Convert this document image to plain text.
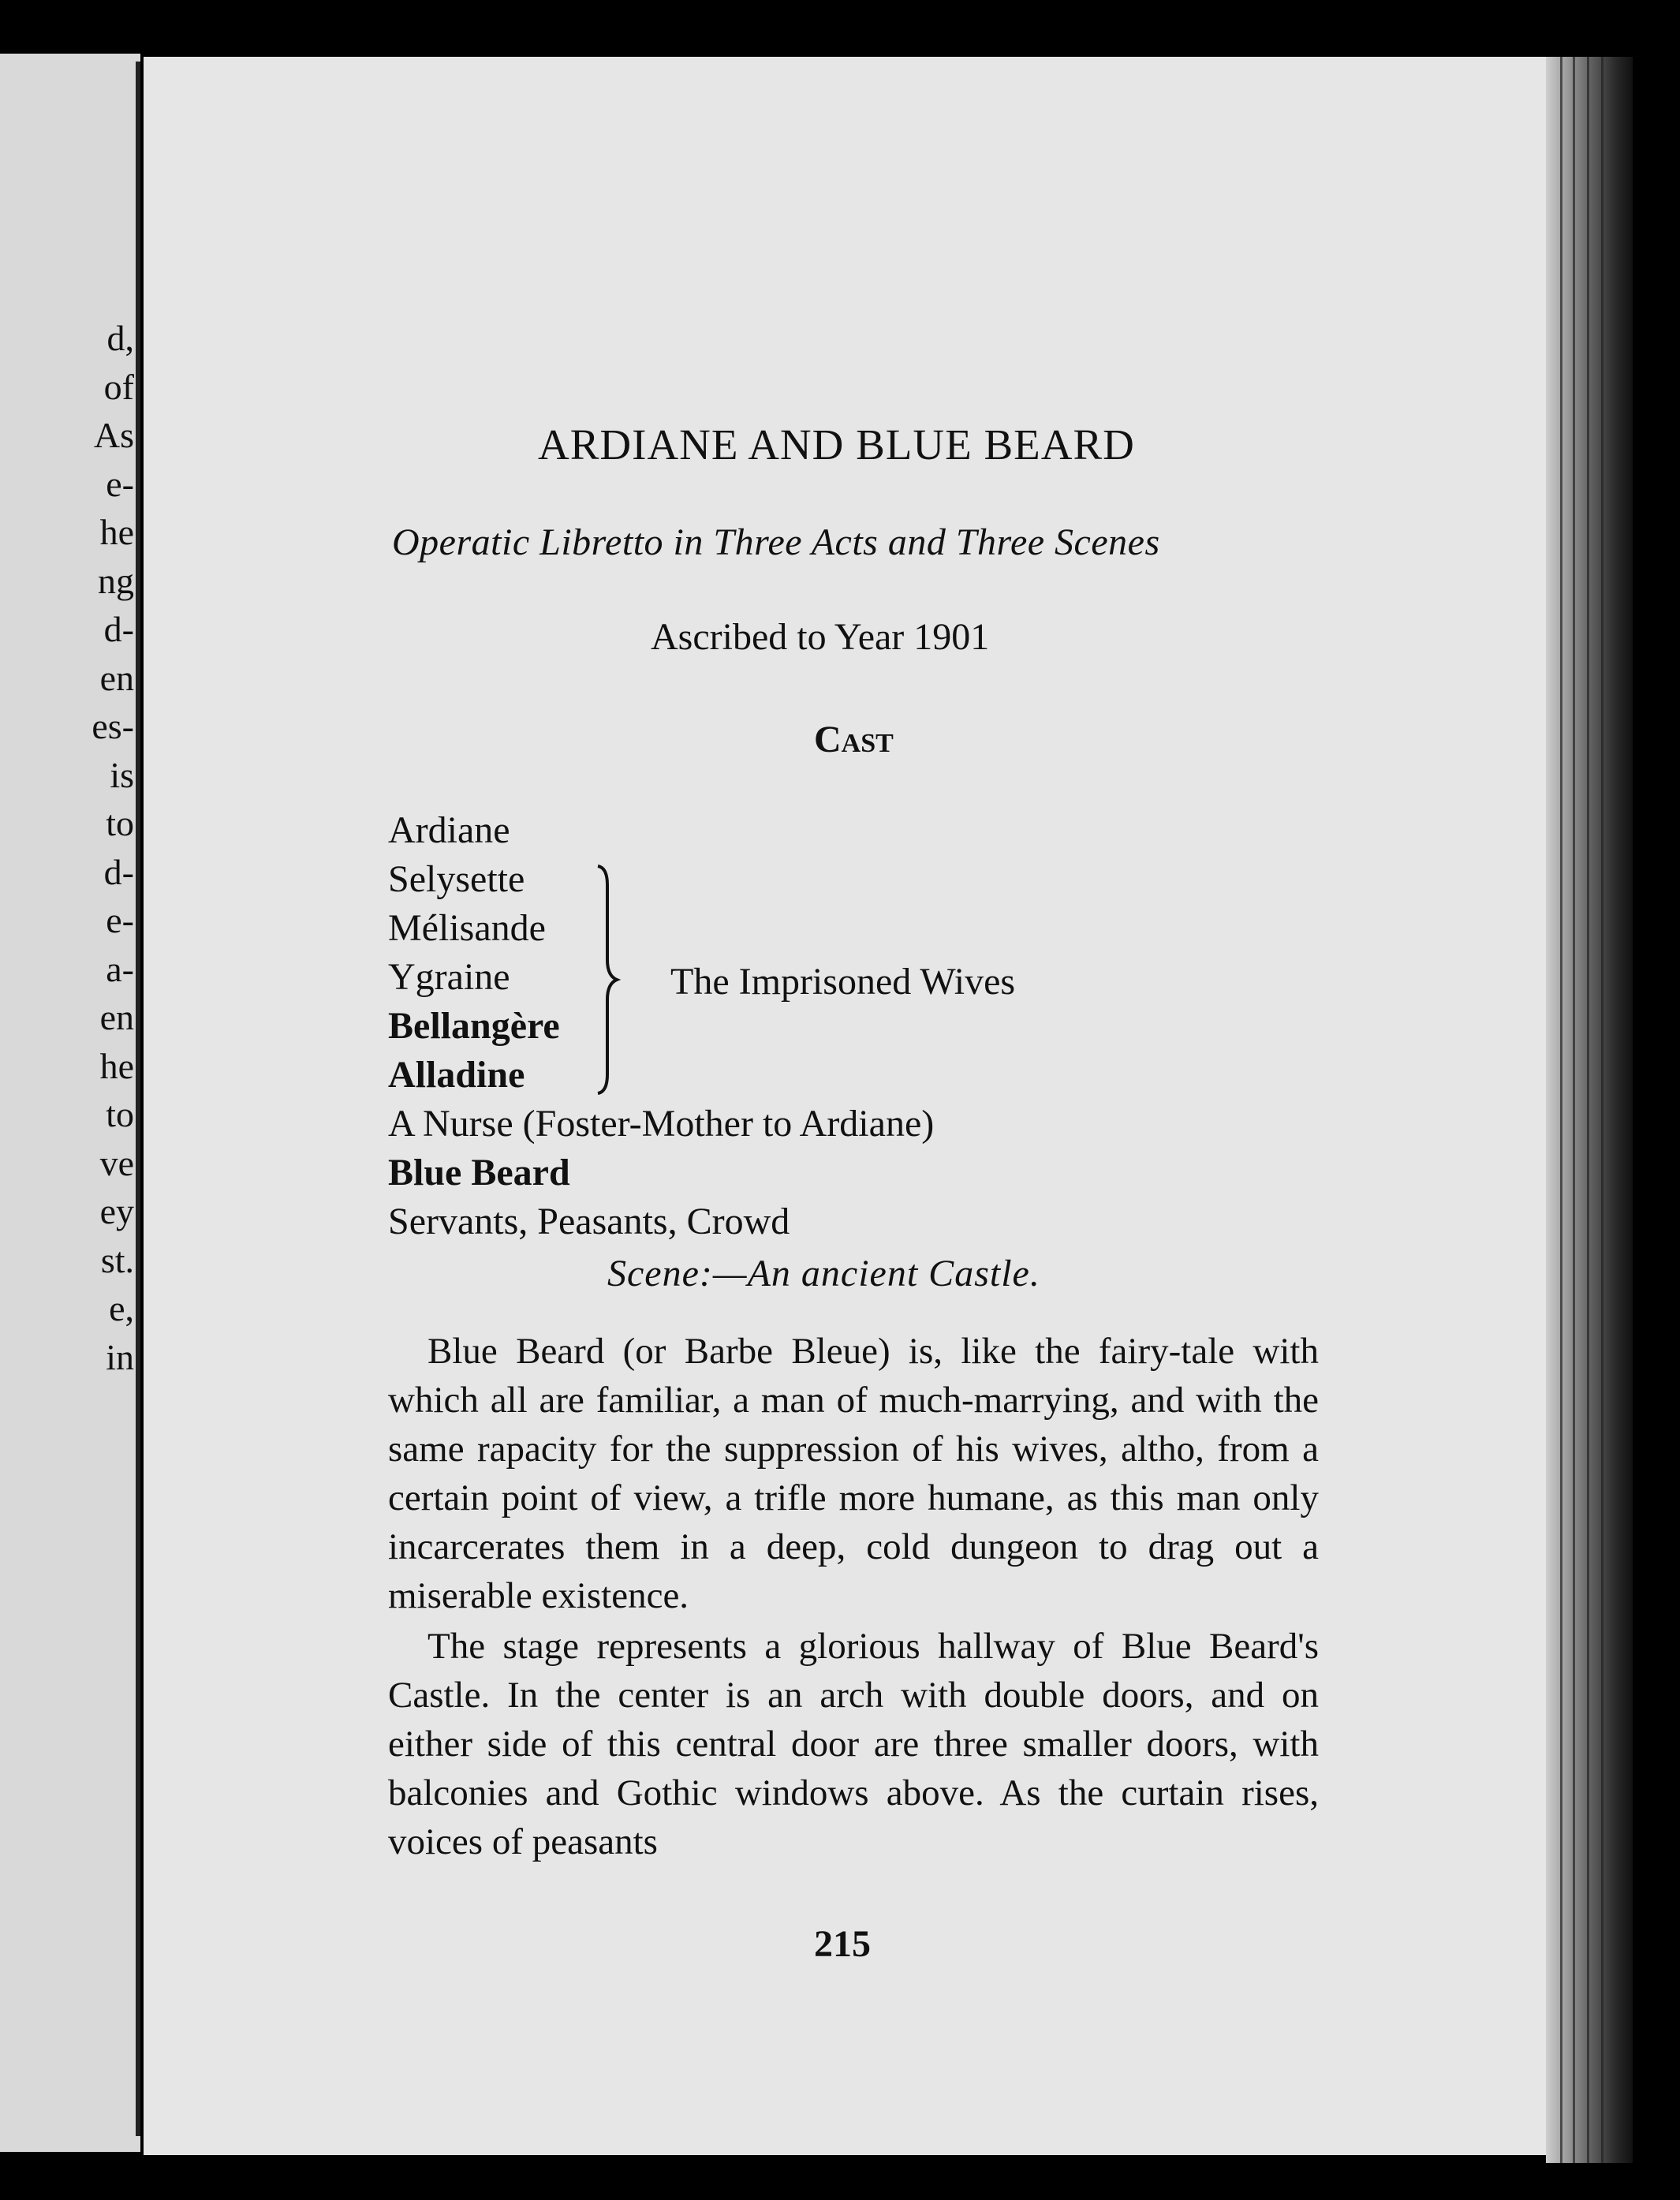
d,
of
As
e-
he
ng
d-
en
es-
is
to
d-
e-
a-
en
he
to
ve
ey
st.
e,
in
ARDIANE AND BLUE BEARD
Operatic Libretto in Three Acts and Three Scenes
Ascribed to Year 1901
Cast
Ardiane
Selysette
Mélisande
Ygraine
Bellangère
Alladine
A Nurse (Foster-Mother to Ardiane)
Blue Beard
Servants, Peasants, Crowd
The Imprisoned Wives
Scene:—An ancient Castle.

Blue Beard (or Barbe Bleue) is, like the fairy-tale with which all are familiar, a man of much-marrying, and with the same rapacity for the suppression of his wives, altho, from a certain point of view, a trifle more humane, as this man only incarcerates them in a deep, cold dungeon to drag out a miserable existence.

The stage represents a glorious hallway of Blue Beard's Castle. In the center is an arch with double doors, and on either side of this central door are three smaller doors, with balconies and Gothic windows above. As the curtain rises, voices of peasants

215
